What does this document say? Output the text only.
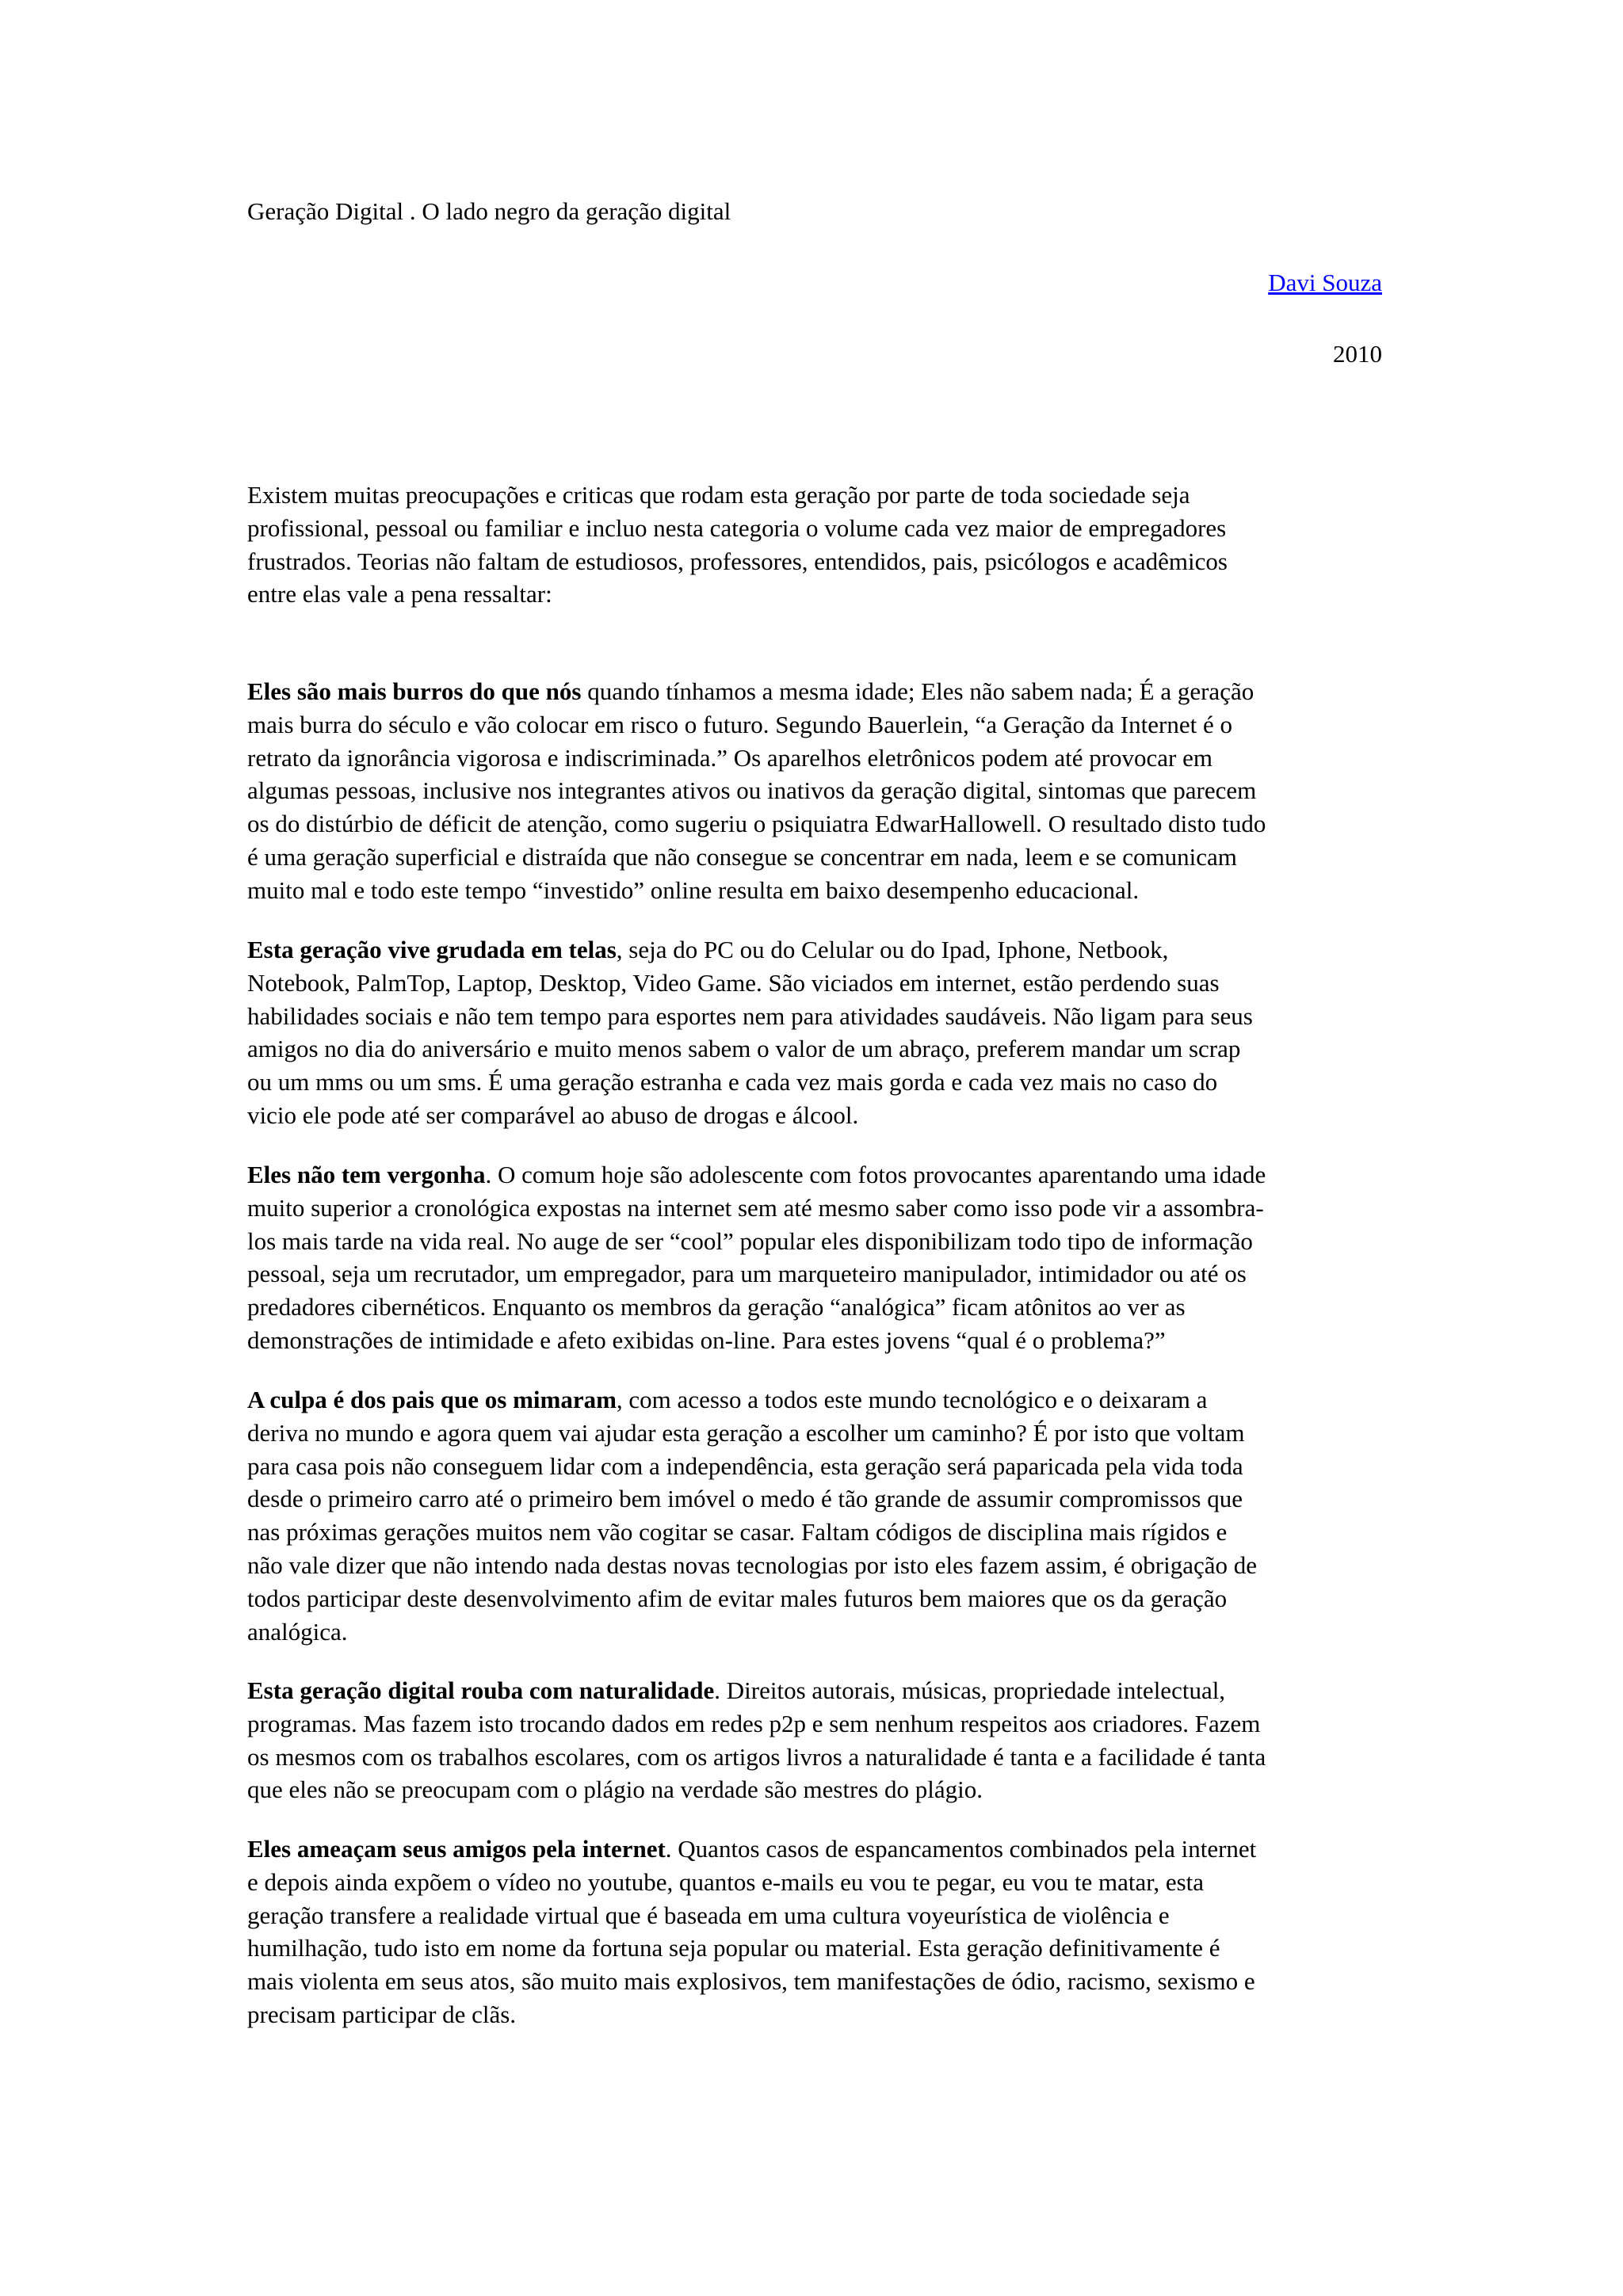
Geração Digital . O lado negro da geração digital
Davi Souza
2010
Existem muitas preocupações e criticas que rodam esta geração por parte de toda sociedade seja
profissional, pessoal ou familiar e incluo nesta categoria o volume cada vez maior de empregadores
frustrados. Teorias não faltam de estudiosos, professores, entendidos, pais, psicólogos e acadêmicos
entre elas vale a pena ressaltar:
Eles são mais burros do que nós quando tínhamos a mesma idade; Eles não sabem nada; É a geração
mais burra do século e vão colocar em risco o futuro. Segundo Bauerlein, “a Geração da Internet é o
retrato da ignorância vigorosa e indiscriminada.” Os aparelhos eletrônicos podem até provocar em
algumas pessoas, inclusive nos integrantes ativos ou inativos da geração digital, sintomas que parecem
os do distúrbio de déficit de atenção, como sugeriu o psiquiatra EdwarHallowell. O resultado disto tudo
é uma geração superficial e distraída que não consegue se concentrar em nada, leem e se comunicam
muito mal e todo este tempo “investido” online resulta em baixo desempenho educacional.
Esta geração vive grudada em telas, seja do PC ou do Celular ou do Ipad, Iphone, Netbook,
Notebook, PalmTop, Laptop, Desktop, Video Game. São viciados em internet, estão perdendo suas
habilidades sociais e não tem tempo para esportes nem para atividades saudáveis. Não ligam para seus
amigos no dia do aniversário e muito menos sabem o valor de um abraço, preferem mandar um scrap
ou um mms ou um sms. É uma geração estranha e cada vez mais gorda e cada vez mais no caso do
vicio ele pode até ser comparável ao abuso de drogas e álcool.
Eles não tem vergonha. O comum hoje são adolescente com fotos provocantes aparentando uma idade
muito superior a cronológica expostas na internet sem até mesmo saber como isso pode vir a assombra-
los mais tarde na vida real. No auge de ser “cool” popular eles disponibilizam todo tipo de informação
pessoal, seja um recrutador, um empregador, para um marqueteiro manipulador, intimidador ou até os
predadores cibernéticos. Enquanto os membros da geração “analógica” ficam atônitos ao ver as
demonstrações de intimidade e afeto exibidas on-line. Para estes jovens “qual é o problema?”
A culpa é dos pais que os mimaram, com acesso a todos este mundo tecnológico e o deixaram a
deriva no mundo e agora quem vai ajudar esta geração a escolher um caminho? É por isto que voltam
para casa pois não conseguem lidar com a independência, esta geração será paparicada pela vida toda
desde o primeiro carro até o primeiro bem imóvel o medo é tão grande de assumir compromissos que
nas próximas gerações muitos nem vão cogitar se casar. Faltam códigos de disciplina mais rígidos e
não vale dizer que não intendo nada destas novas tecnologias por isto eles fazem assim, é obrigação de
todos participar deste desenvolvimento afim de evitar males futuros bem maiores que os da geração
analógica.
Esta geração digital rouba com naturalidade. Direitos autorais, músicas, propriedade intelectual,
programas. Mas fazem isto trocando dados em redes p2p e sem nenhum respeitos aos criadores. Fazem
os mesmos com os trabalhos escolares, com os artigos livros a naturalidade é tanta e a facilidade é tanta
que eles não se preocupam com o plágio na verdade são mestres do plágio.
Eles ameaçam seus amigos pela internet. Quantos casos de espancamentos combinados pela internet
e depois ainda expõem o vídeo no youtube, quantos e-mails eu vou te pegar, eu vou te matar, esta
geração transfere a realidade virtual que é baseada em uma cultura voyeurística de violência e
humilhação, tudo isto em nome da fortuna seja popular ou material. Esta geração definitivamente é
mais violenta em seus atos, são muito mais explosivos, tem manifestações de ódio, racismo, sexismo e
precisam participar de clãs.
